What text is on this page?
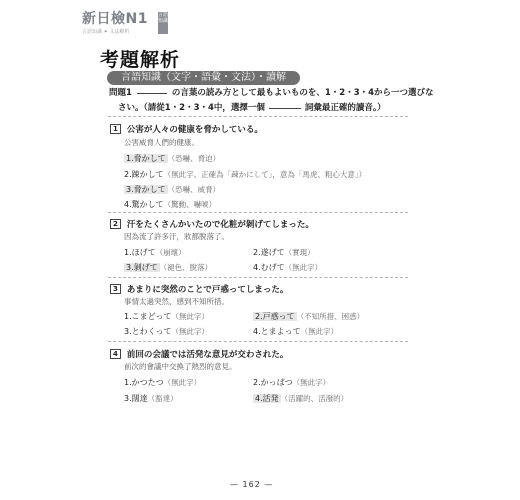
新日檢N1 言語知識
言語知識 ✦ 文法解析
考題解析
言語知識（文字・語彙・文法）・讀解
問題1	の言葉の読み方として最もよいものを、1・2・3・4から一つ選びな
さい。（請從1・2・3・4中，選擇一個	詞彙最正確的讀音。）
1 公害が人々の健康を脅かしている。
公害威脅人們的健康。
1.脅かして （恐嚇、脅迫）
2.踈かして（無此字。正確為「疎かにして」，意為「馬虎、粗心大意」）
3.脅かして （恐嚇、威脅）
4.驚かして（驚動、嚇唬）
2 汗をたくさんかいたので化粧が剝げてしまった。
因為流了許多汗，妝都脫落了。
1.ほげて（崩壞）	2.遂げて（實現）
3.剝げて （褪色、脫落）	4.むげて（無此字）
3 あまりに突然のことで戸惑ってしまった。
事情太過突然，感到不知所措。
1.こまどって（無此字）	2.戸惑って （不知所措、困惑）
3.とわくって（無此字）	4.とまよって（無此字）
4 前回の会議では活発な意見が交わされた。
前次的會議中交換了熱烈的意見。
1.かつたつ（無此字）	2.かっぱつ（無此字）
3.闊達（豁達）	4.活発 （活躍的、活潑的）
— 162 —
